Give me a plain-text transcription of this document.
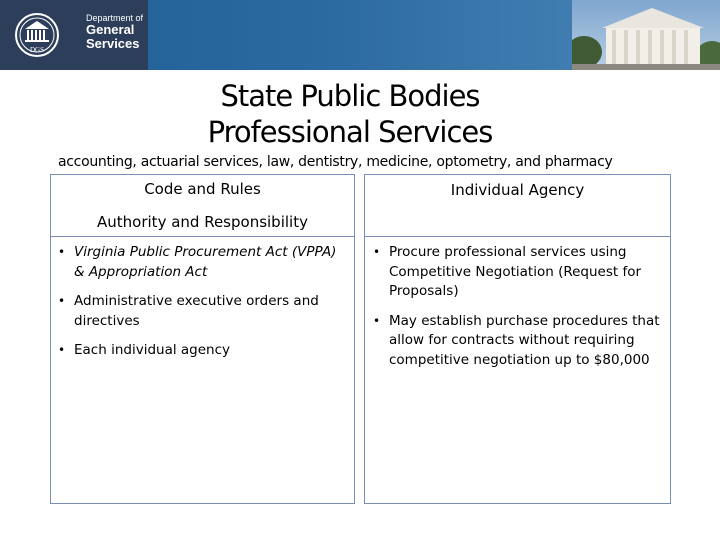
DGS
Department of
General
Services
State Public Bodies
Professional Services
accounting, actuarial services, law, dentistry, medicine, optometry, and pharmacy
Code and Rules
Authority and Responsibility
Individual Agency
• Virginia Public Procurement Act (VPPA) & Appropriation Act
• Administrative executive orders and directives
• Each individual agency
• Procure professional services using Competitive Negotiation (Request for Proposals)
• May establish purchase procedures that allow for contracts without requiring competitive negotiation up to $80,000
